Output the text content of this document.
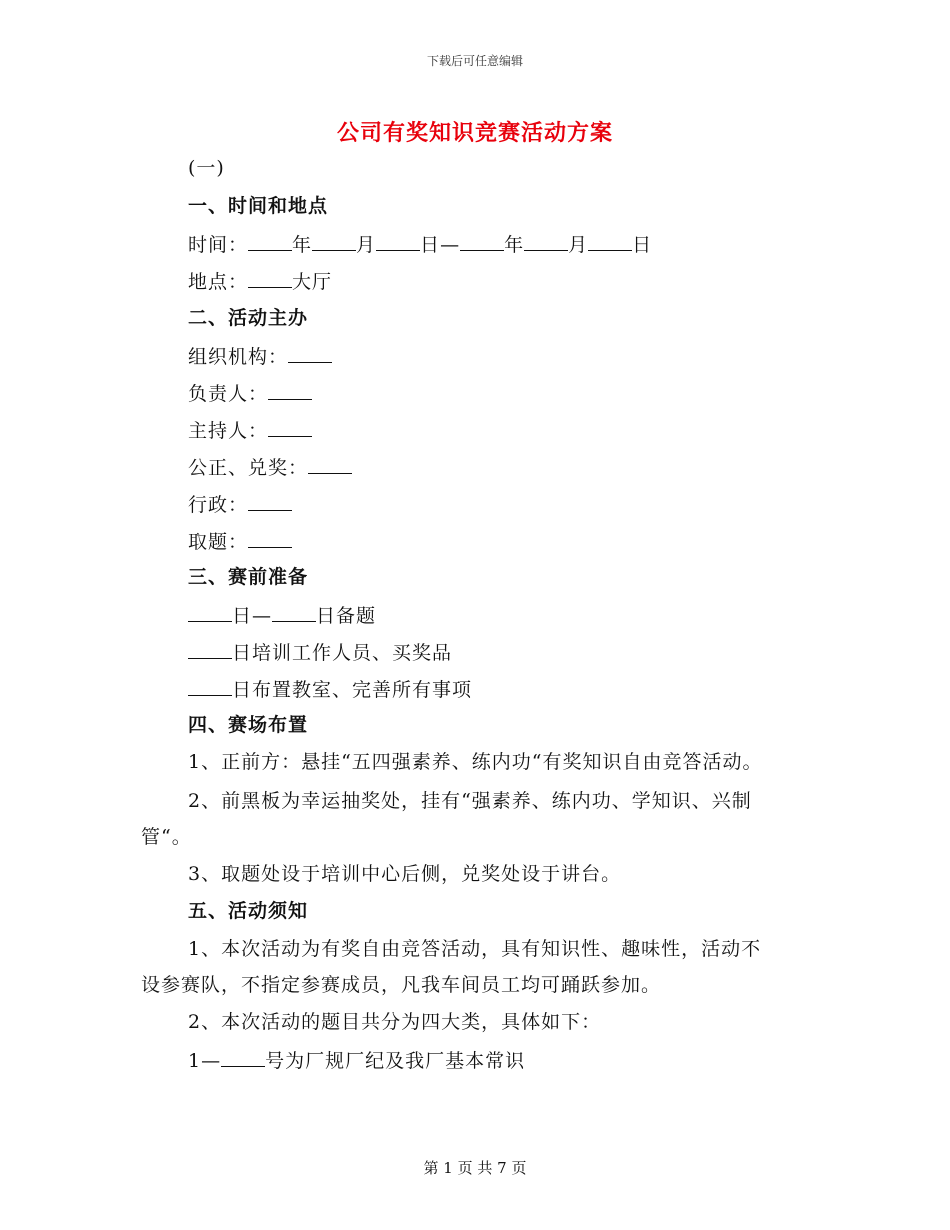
下载后可任意编辑
公司有奖知识竞赛活动方案
(一)
一、时间和地点
时间： 年 月 日— 年 月 日
地点： 大厅
二、活动主办
组织机构：
负责人：
主持人：
公正、兑奖：
行政：
取题：
三、赛前准备
日— 日备题
日培训工作人员、买奖品
日布置教室、完善所有事项
四、赛场布置
1、正前方：悬挂“五四强素养、练内功“有奖知识自由竞答活动。
2、前黑板为幸运抽奖处，挂有“强素养、练内功、学知识、兴制
管“。
3、取题处设于培训中心后侧，兑奖处设于讲台。
五、活动须知
1、本次活动为有奖自由竞答活动，具有知识性、趣味性，活动不
设参赛队，不指定参赛成员，凡我车间员工均可踊跃参加。
2、本次活动的题目共分为四大类，具体如下：
1— 号为厂规厂纪及我厂基本常识
第 1 页 共 7 页
